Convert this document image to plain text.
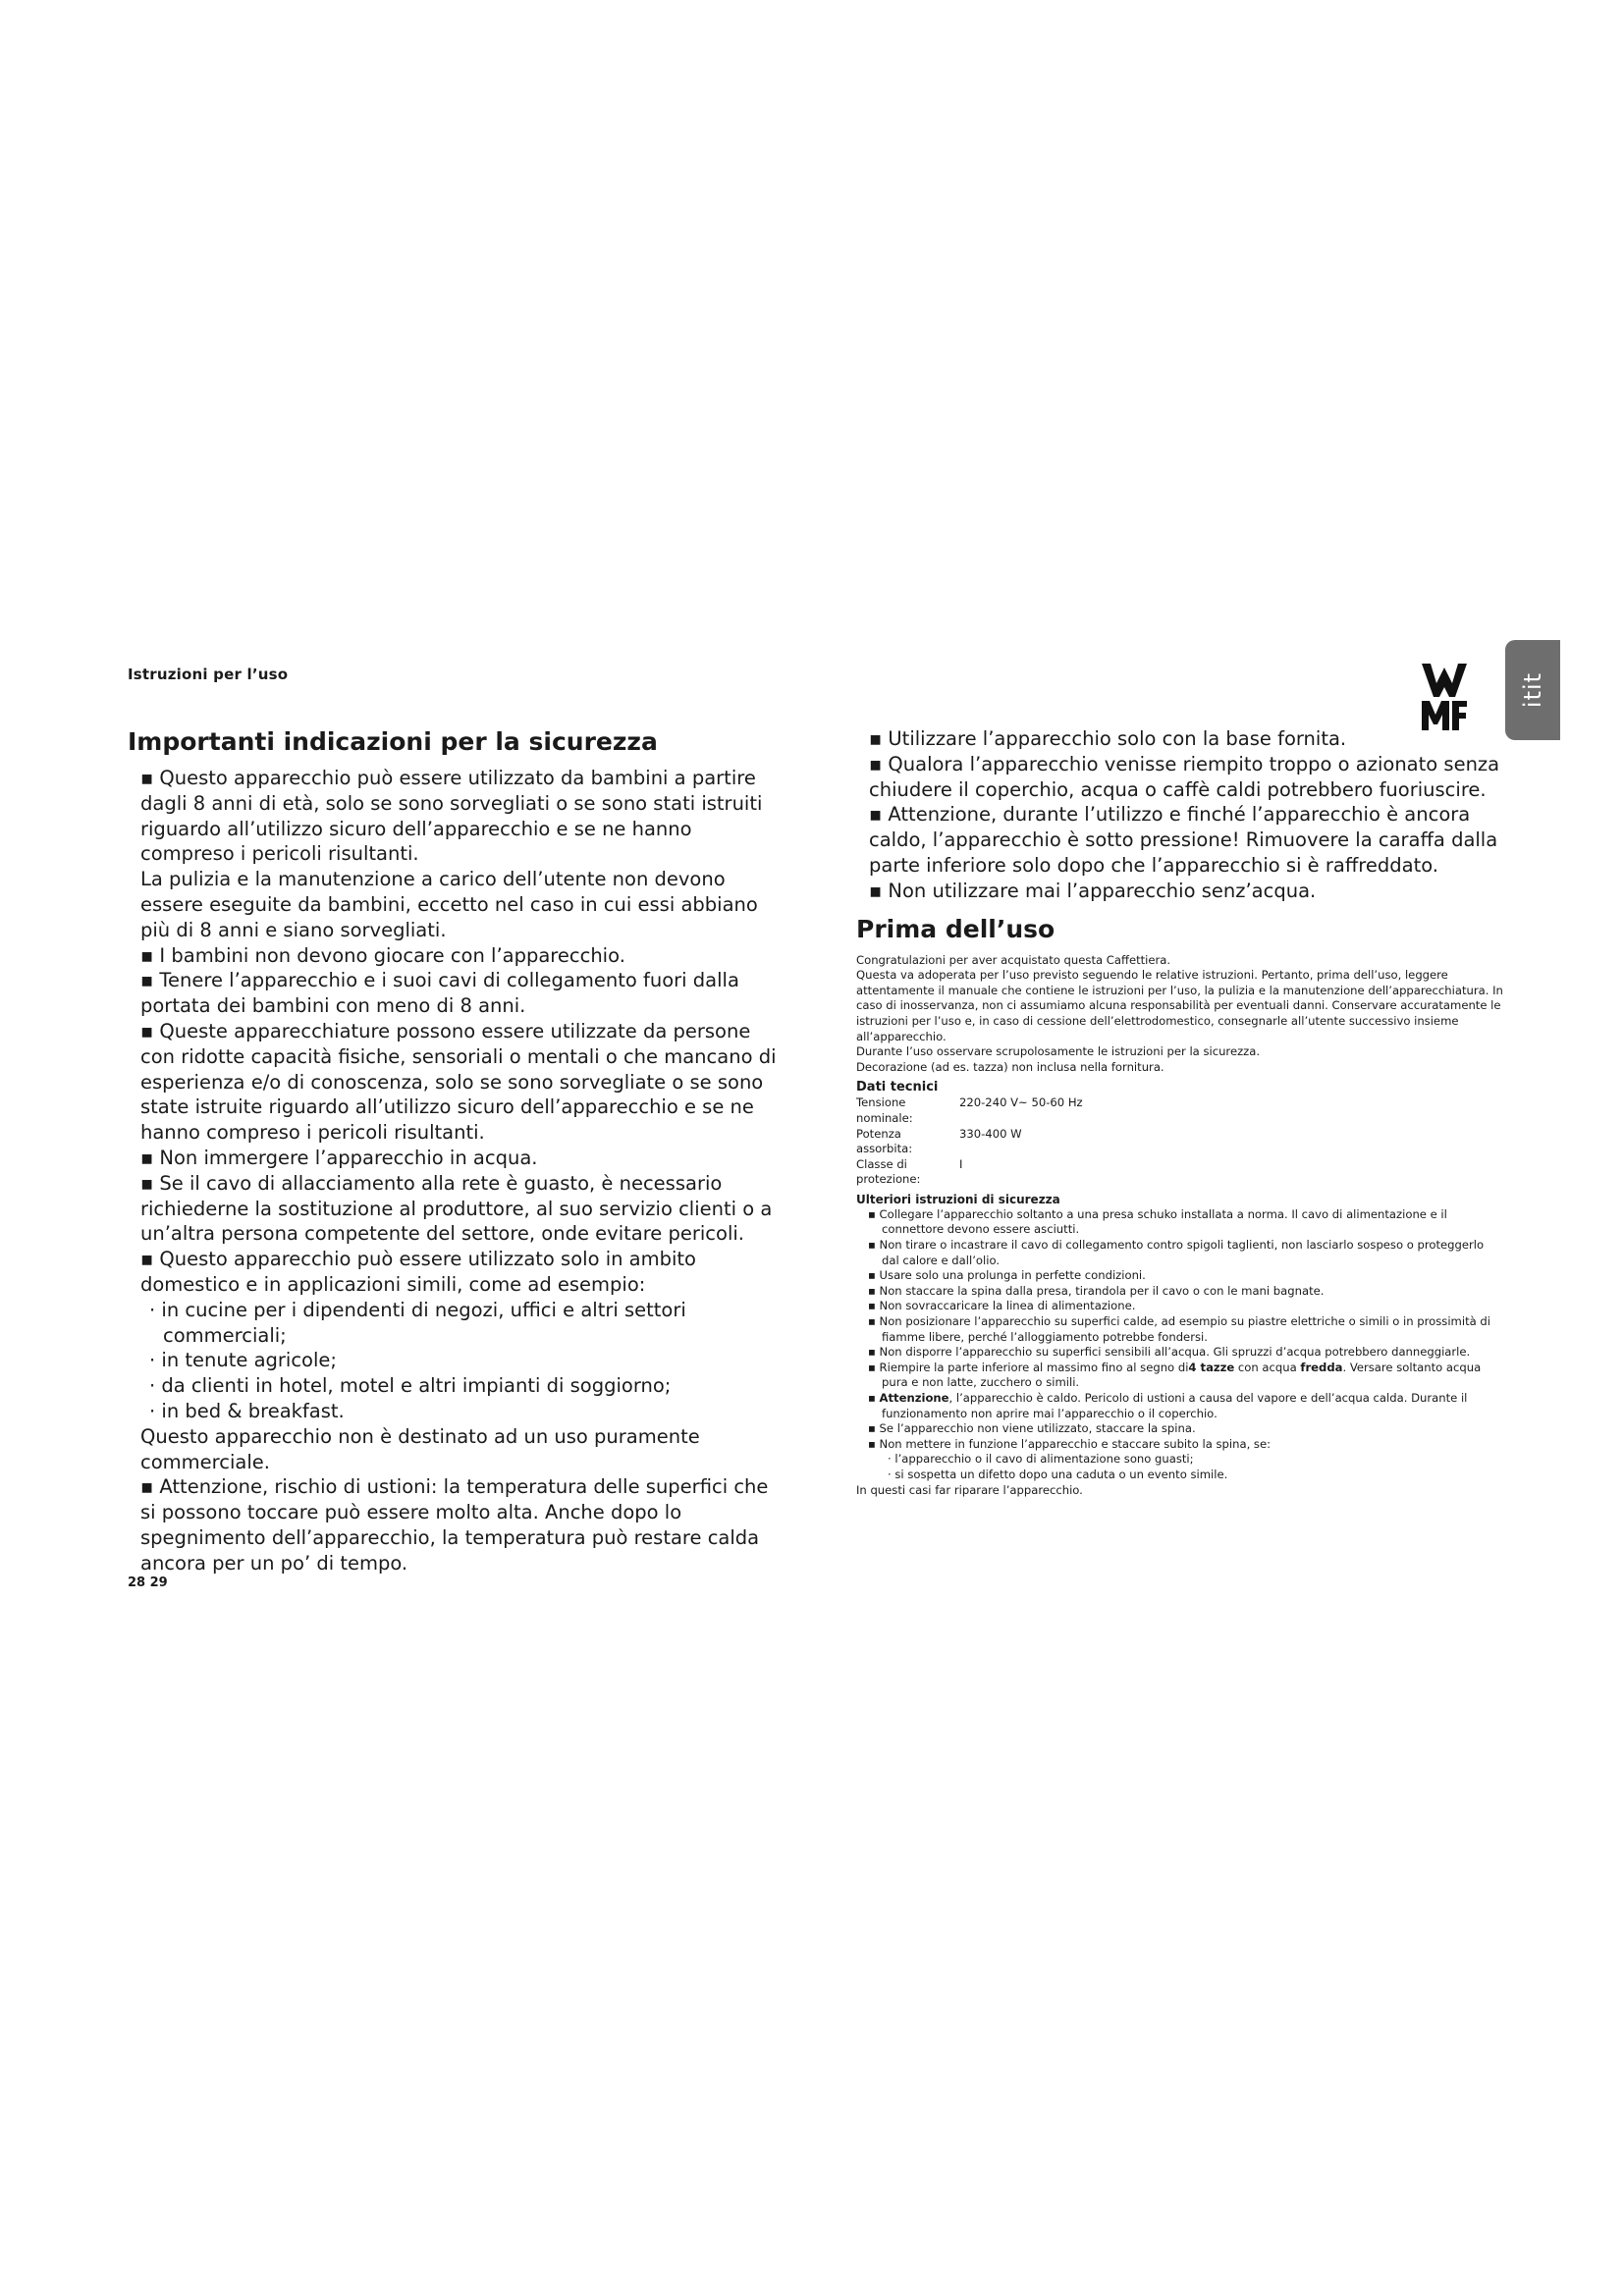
Istruzioni per l’uso	itit
Importanti indicazioni per la sicurezza

▪ Questo apparecchio può essere utilizzato da bambini a partire dagli 8 anni di età, solo se sono sorvegliati o se sono stati istruiti riguardo all’utilizzo sicuro dell’apparecchio e se ne hanno compreso i pericoli risultanti.

La pulizia e la manutenzione a carico dell’utente non devono essere eseguite da bambini, eccetto nel caso in cui essi abbiano più di 8 anni e siano sorvegliati.

▪ I bambini non devono giocare con l’apparecchio.

▪ Tenere l’apparecchio e i suoi cavi di collegamento fuori dalla portata dei bambini con meno di 8 anni.

▪ Queste apparecchiature possono essere utilizzate da persone con ridotte capacità fisiche, sensoriali o mentali o che mancano di esperienza e/o di conoscenza, solo se sono sorvegliate o se sono state istruite riguardo all’utilizzo sicuro dell’apparecchio e se ne hanno compreso i pericoli risultanti.

▪ Non immergere l’apparecchio in acqua.

▪ Se il cavo di allacciamento alla rete è guasto, è necessario richiederne la sostituzione al produttore, al suo servizio clienti o a un’altra persona competente del settore, onde evitare pericoli.

▪ Questo apparecchio può essere utilizzato solo in ambito domestico e in applicazioni simili, come ad esempio:

· in cucine per i dipendenti di negozi, uffici e altri settori commerciali;

· in tenute agricole;

· da clienti in hotel, motel e altri impianti di soggiorno;

· in bed & breakfast.

Questo apparecchio non è destinato ad un uso puramente commerciale.

▪ Attenzione, rischio di ustioni: la temperatura delle superfici che si possono toccare può essere molto alta. Anche dopo lo spegnimento dell’apparecchio, la temperatura può restare calda ancora per un po’ di tempo.

28 29

▪ Utilizzare l’apparecchio solo con la base fornita.

▪ Qualora l’apparecchio venisse riempito troppo o azionato senza chiudere il coperchio, acqua o caffè caldi potrebbero fuoriuscire.

▪ Attenzione, durante l’utilizzo e finché l’apparecchio è ancora caldo, l’apparecchio è sotto pressione! Rimuovere la caraffa dalla parte inferiore solo dopo che l’apparecchio si è raffreddato.

▪ Non utilizzare mai l’apparecchio senz’acqua.

Prima dell’uso

Congratulazioni per aver acquistato questa Caffettiera.

Questa va adoperata per l’uso previsto seguendo le relative istruzioni. Pertanto, prima dell’uso, leggere attentamente il manuale che contiene le istruzioni per l’uso, la pulizia e la manutenzione dell’apparecchiatura. In caso di inosservanza, non ci assumiamo alcuna responsabilità per eventuali danni. Conservare accuratamente le istruzioni per l’uso e, in caso di cessione dell’elettrodomestico, consegnarle all’utente successivo insieme all’apparecchio.

Durante l’uso osservare scrupolosamente le istruzioni per la sicurezza.

Decorazione (ad es. tazza) non inclusa nella fornitura.

Dati tecnici
Tensione nominale:
220-240 V~ 50-60 Hz
Potenza assorbita:
330-400 W
Classe di protezione:
I
Ulteriori istruzioni di sicurezza

▪ Collegare l’apparecchio soltanto a una presa schuko installata a norma. Il cavo di alimentazione e il connettore devono essere asciutti.

▪ Non tirare o incastrare il cavo di collegamento contro spigoli taglienti, non lasciarlo sospeso o proteggerlo dal calore e dall’olio.

▪ Usare solo una prolunga in perfette condizioni.

▪ Non staccare la spina dalla presa, tirandola per il cavo o con le mani bagnate.

▪ Non sovraccaricare la linea di alimentazione.

▪ Non posizionare l’apparecchio su superfici calde, ad esempio su piastre elettriche o simili o in prossimità di fiamme libere, perché l’alloggiamento potrebbe fondersi.

▪ Non disporre l’apparecchio su superfici sensibili all’acqua. Gli spruzzi d’acqua potrebbero danneggiarle.

▪ Riempire la parte inferiore al massimo fino al segno di4 tazze con acqua fredda. Versare soltanto acqua pura e non latte, zucchero o simili.

▪ Attenzione, l’apparecchio è caldo. Pericolo di ustioni a causa del vapore e dell’acqua calda. Durante il funzionamento non aprire mai l’apparecchio o il coperchio.

▪ Se l’apparecchio non viene utilizzato, staccare la spina.

▪ Non mettere in funzione l’apparecchio e staccare subito la spina, se:

· l’apparecchio o il cavo di alimentazione sono guasti;

· si sospetta un difetto dopo una caduta o un evento simile.

In questi casi far riparare l’apparecchio.
